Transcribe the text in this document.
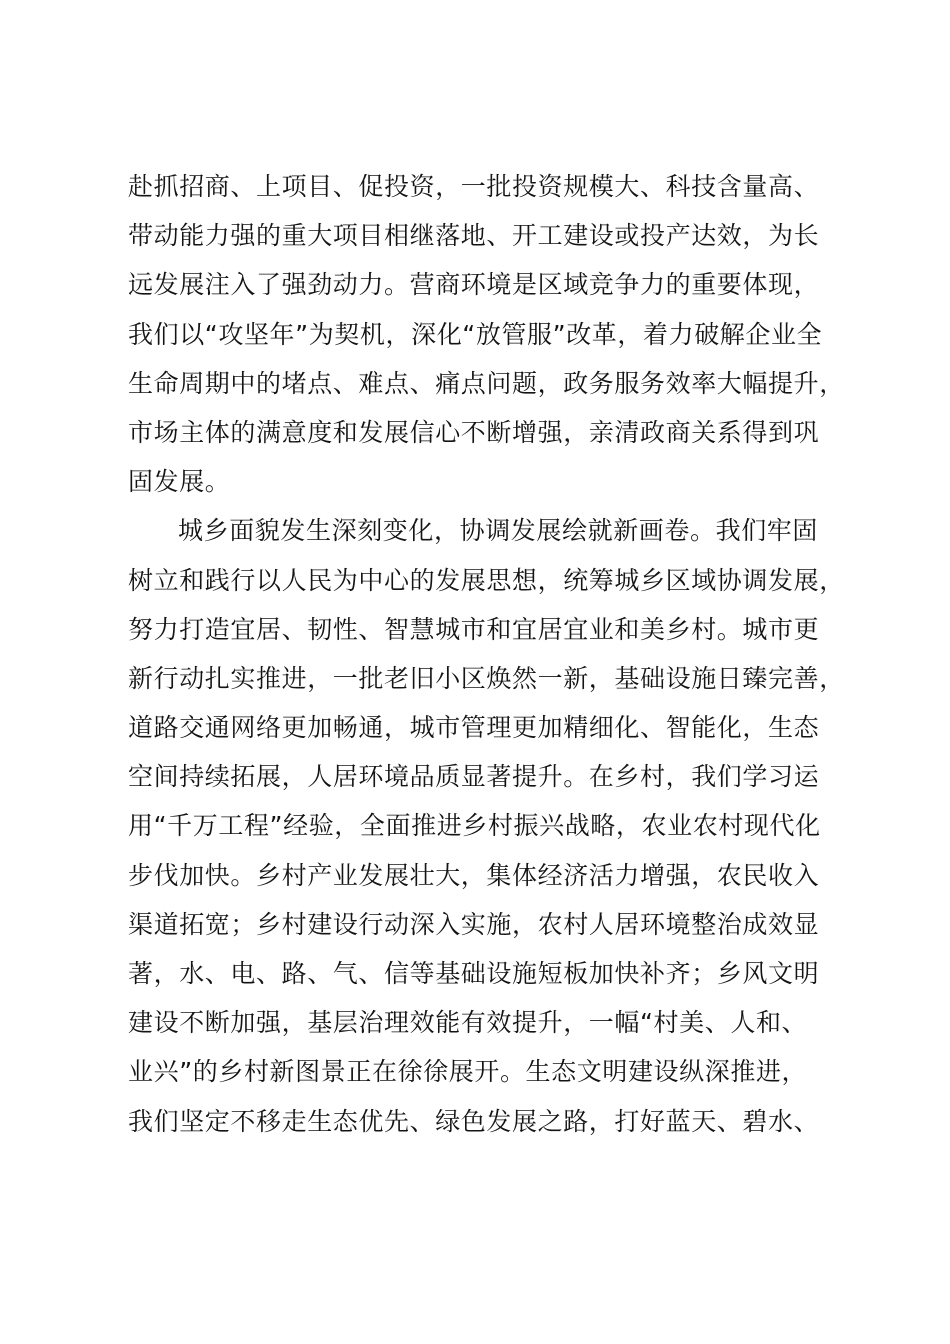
赴抓招商、上项目、促投资，一批投资规模大、科技含量高、
带动能力强的重大项目相继落地、开工建设或投产达效，为长
远发展注入了强劲动力。营商环境是区域竞争力的重要体现，
我们以“攻坚年”为契机，深化“放管服”改革，着力破解企业全
生命周期中的堵点、难点、痛点问题，政务服务效率大幅提升，
市场主体的满意度和发展信心不断增强，亲清政商关系得到巩
固发展。
城乡面貌发生深刻变化，协调发展绘就新画卷。我们牢固
树立和践行以人民为中心的发展思想，统筹城乡区域协调发展，
努力打造宜居、韧性、智慧城市和宜居宜业和美乡村。城市更
新行动扎实推进，一批老旧小区焕然一新，基础设施日臻完善，
道路交通网络更加畅通，城市管理更加精细化、智能化，生态
空间持续拓展，人居环境品质显著提升。在乡村，我们学习运
用“千万工程”经验，全面推进乡村振兴战略，农业农村现代化
步伐加快。乡村产业发展壮大，集体经济活力增强，农民收入
渠道拓宽；乡村建设行动深入实施，农村人居环境整治成效显
著，水、电、路、气、信等基础设施短板加快补齐；乡风文明
建设不断加强，基层治理效能有效提升，一幅“村美、人和、
业兴”的乡村新图景正在徐徐展开。生态文明建设纵深推进，
我们坚定不移走生态优先、绿色发展之路，打好蓝天、碧水、
